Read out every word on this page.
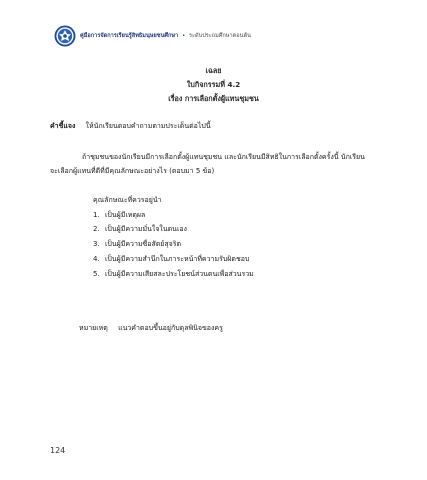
คู่มือการจัดการเรียนรู้สิทธิมนุษยชนศึกษา • ระดับประถมศึกษาตอนต้น
เฉลย
ใบกิจกรรมที่ 4.2
เรื่อง การเลือกตั้งผู้แทนชุมชน
คำชี้แจง ให้นักเรียนตอบคำถามตามประเด็นต่อไปนี้
ถ้าชุมชนของนักเรียนมีการเลือกตั้งผู้แทนชุมชน และนักเรียนมีสิทธิในการเลือกตั้งครั้งนี้ นักเรียน
จะเลือกผู้แทนที่ดีที่มีคุณลักษณะอย่างไร (ตอบมา 5 ข้อ)
คุณลักษณะที่ควรอยู่นำ
1. เป็นผู้มีเหตุผล
2. เป็นผู้มีความมั่นใจในตนเอง
3. เป็นผู้มีความซื่อสัตย์สุจริต
4. เป็นผู้มีความสำนึกในภาระหน้าที่ความรับผิดชอบ
5. เป็นผู้มีความเสียสละประโยชน์ส่วนตนเพื่อส่วนรวม
หมายเหตุ แนวคำตอบขึ้นอยู่กับดุลพินิจของครู
124
